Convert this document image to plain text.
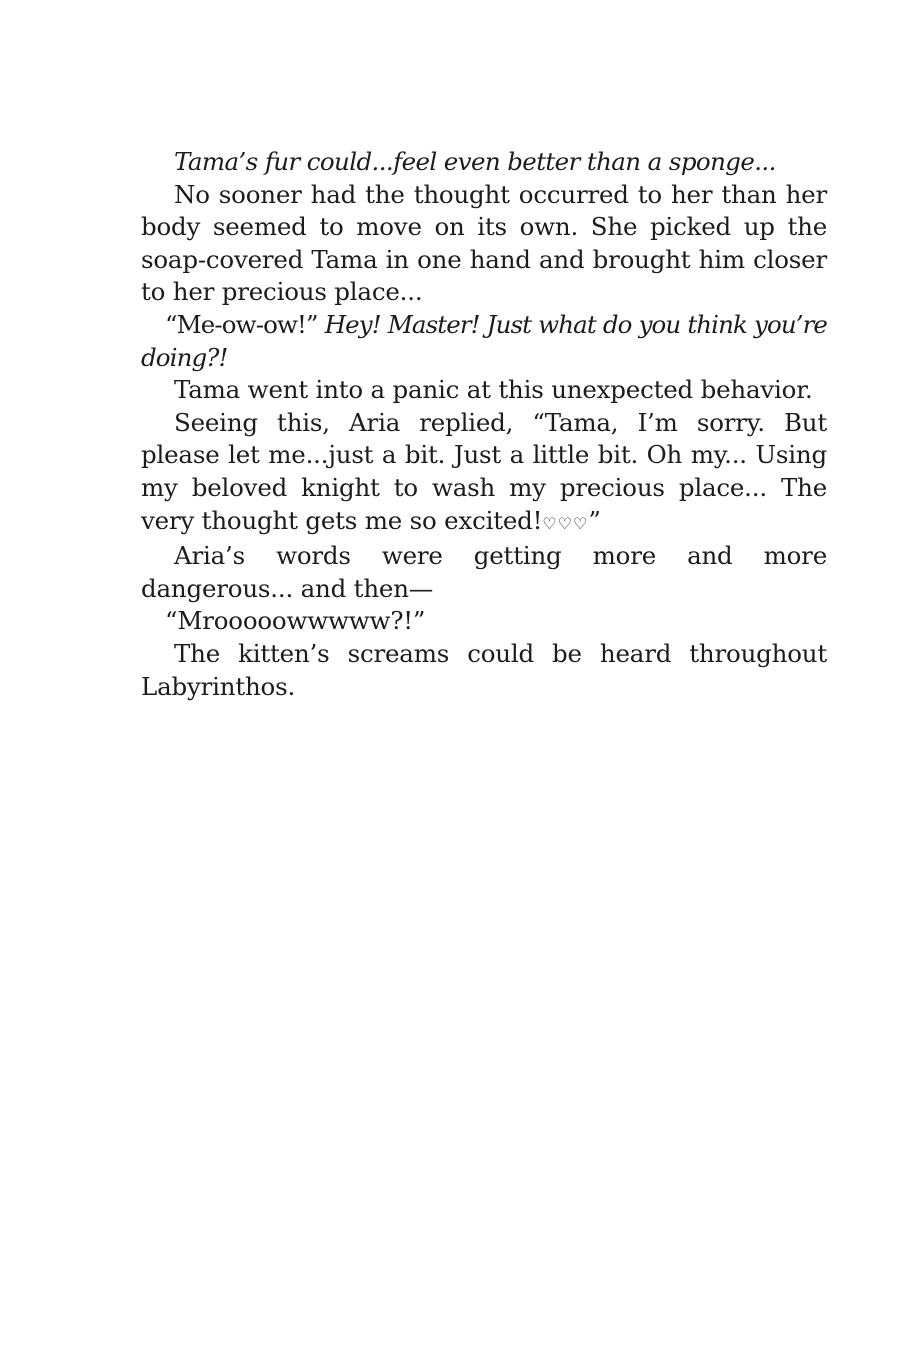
Tama’s fur could...feel even better than a sponge...

No sooner had the thought occurred to her than her body seemed to move on its own. She picked up the soap-covered Tama in one hand and brought him closer to her precious place...

“Me-ow-ow!” Hey! Master! Just what do you think you’re doing?!

Tama went into a panic at this unexpected behavior.

Seeing this, Aria replied, “Tama, I’m sorry. But please let me...just a bit. Just a little bit. Oh my... Using my beloved knight to wash my precious place... The very thought gets me so excited!♡♡♡”

Aria’s words were getting more and more dangerous... and then—

“Mrooooowwwww?!”

The kitten’s screams could be heard throughout Labyrinthos.
